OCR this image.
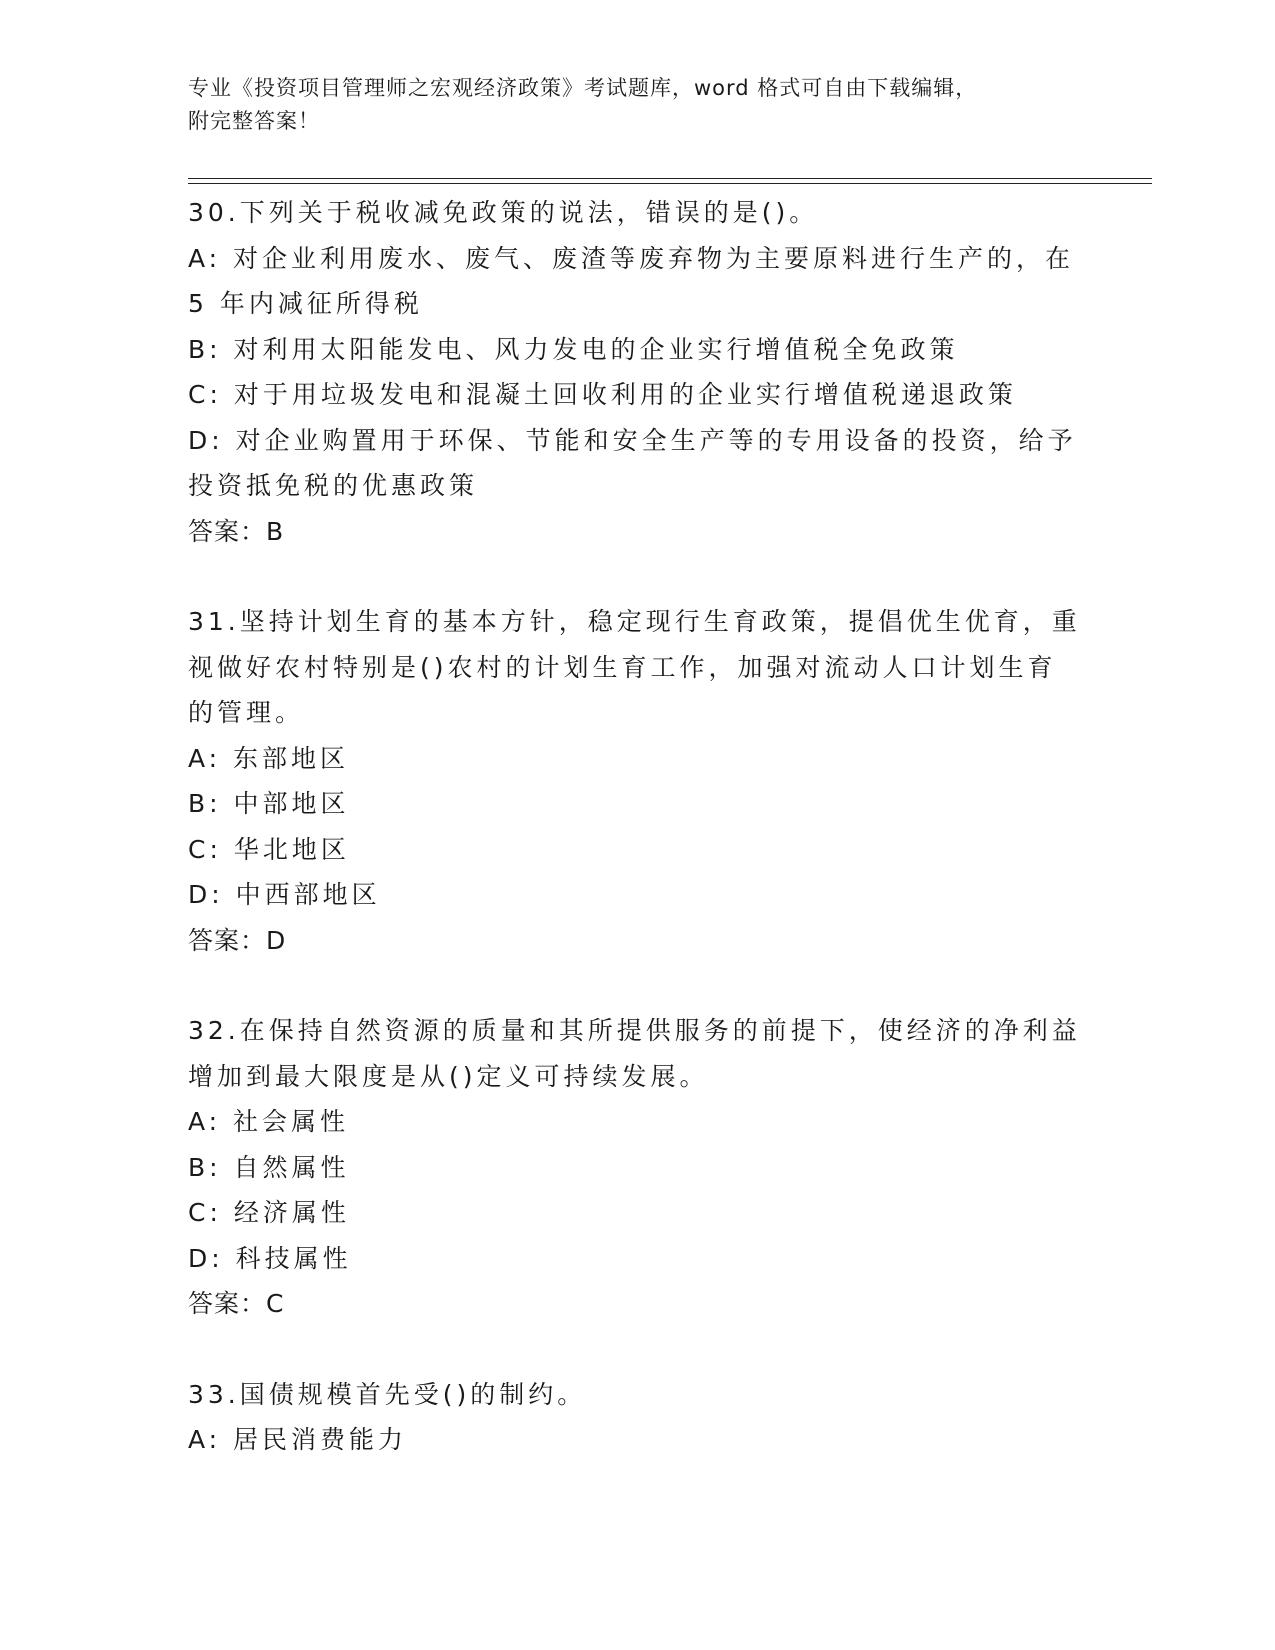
专业《投资项目管理师之宏观经济政策》考试题库，word 格式可自由下载编辑，
附完整答案！
30.下列关于税收减免政策的说法，错误的是()。
A: 对企业利用废水、废气、废渣等废弃物为主要原料进行生产的，在
5 年内减征所得税
B: 对利用太阳能发电、风力发电的企业实行增值税全免政策
C: 对于用垃圾发电和混凝土回收利用的企业实行增值税递退政策
D: 对企业购置用于环保、节能和安全生产等的专用设备的投资，给予
投资抵免税的优惠政策
答案：B
31.坚持计划生育的基本方针，稳定现行生育政策，提倡优生优育，重
视做好农村特别是()农村的计划生育工作，加强对流动人口计划生育
的管理。
A: 东部地区
B: 中部地区
C: 华北地区
D: 中西部地区
答案：D
32.在保持自然资源的质量和其所提供服务的前提下，使经济的净利益
增加到最大限度是从()定义可持续发展。
A: 社会属性
B: 自然属性
C: 经济属性
D: 科技属性
答案：C
33.国债规模首先受()的制约。
A: 居民消费能力
